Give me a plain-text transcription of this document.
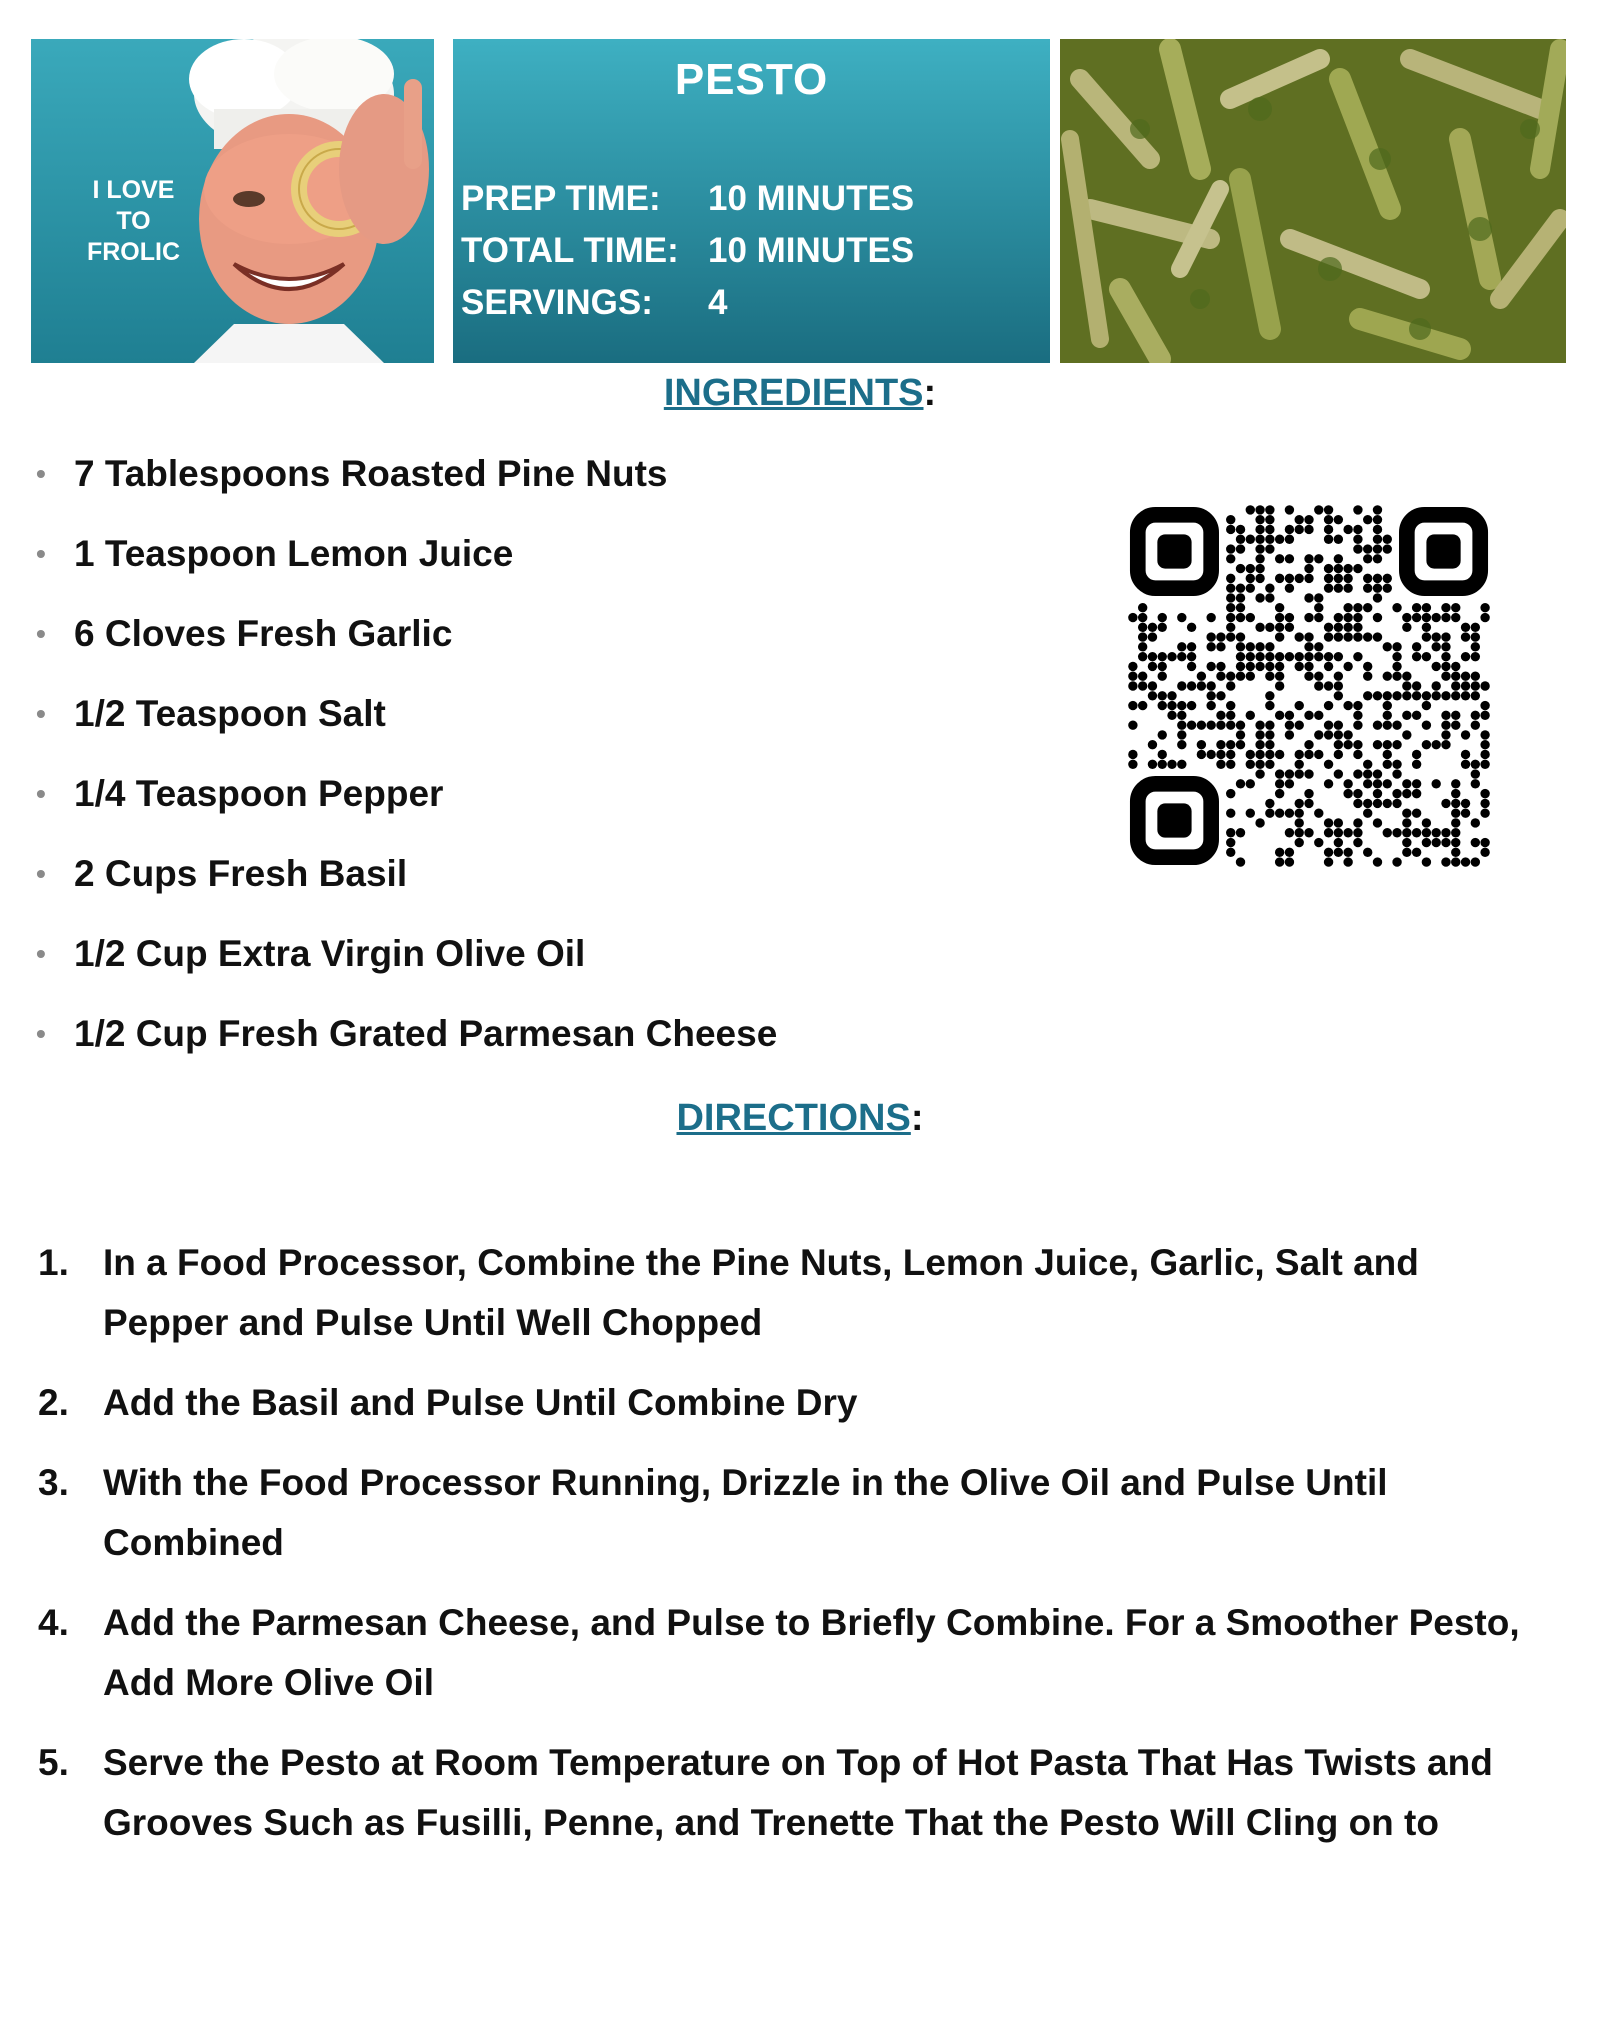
I LOVE
TO
FROLIC
PESTO
PREP TIME: 10 MINUTES
TOTAL TIME: 10 MINUTES
SERVINGS: 4
INGREDIENTS:
• 7 Tablespoons Roasted Pine Nuts
• 1 Teaspoon Lemon Juice
• 6 Cloves Fresh Garlic
• 1/2 Teaspoon Salt
• 1/4 Teaspoon Pepper
• 2 Cups Fresh Basil
• 1/2 Cup Extra Virgin Olive Oil
• 1/2 Cup Fresh Grated Parmesan Cheese
DIRECTIONS:
1. In a Food Processor, Combine the Pine Nuts, Lemon Juice, Garlic, Salt and Pepper and Pulse Until Well Chopped
2. Add the Basil and Pulse Until Combine Dry
3. With the Food Processor Running, Drizzle in the Olive Oil and Pulse Until Combined
4. Add the Parmesan Cheese, and Pulse to Briefly Combine. For a Smoother Pesto, Add More Olive Oil
5. Serve the Pesto at Room Temperature on Top of Hot Pasta That Has Twists and Grooves Such as Fusilli, Penne, and Trenette That the Pesto Will Cling on to
